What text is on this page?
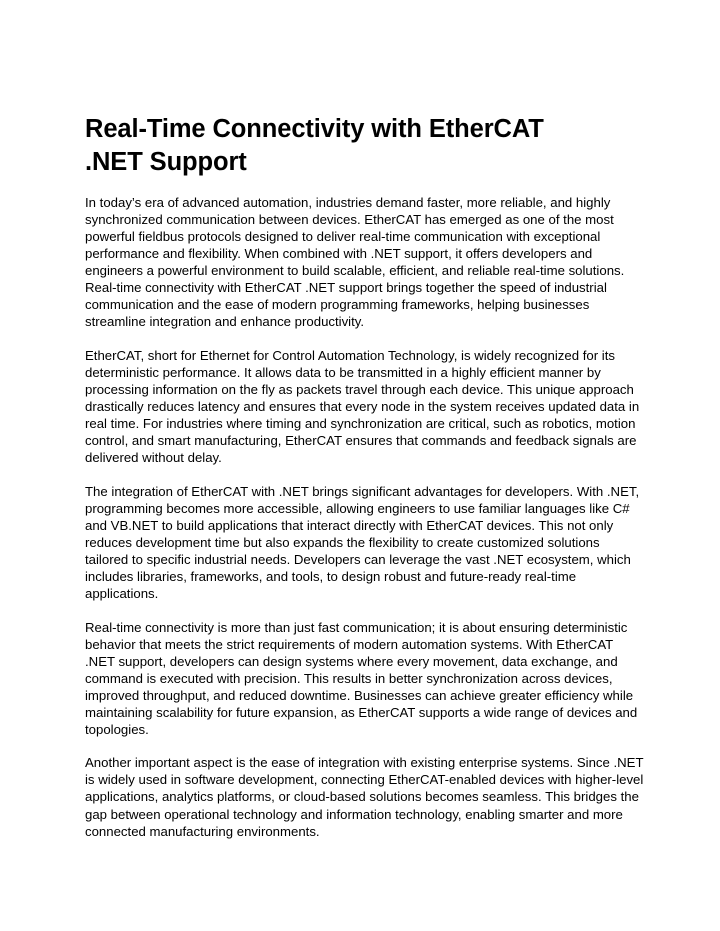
Real-Time Connectivity with EtherCAT
.NET Support

In today’s era of advanced automation, industries demand faster, more reliable, and highly
synchronized communication between devices. EtherCAT has emerged as one of the most
powerful fieldbus protocols designed to deliver real-time communication with exceptional
performance and flexibility. When combined with .NET support, it offers developers and
engineers a powerful environment to build scalable, efficient, and reliable real-time solutions.
Real-time connectivity with EtherCAT .NET support brings together the speed of industrial
communication and the ease of modern programming frameworks, helping businesses
streamline integration and enhance productivity.

EtherCAT, short for Ethernet for Control Automation Technology, is widely recognized for its
deterministic performance. It allows data to be transmitted in a highly efficient manner by
processing information on the fly as packets travel through each device. This unique approach
drastically reduces latency and ensures that every node in the system receives updated data in
real time. For industries where timing and synchronization are critical, such as robotics, motion
control, and smart manufacturing, EtherCAT ensures that commands and feedback signals are
delivered without delay.

The integration of EtherCAT with .NET brings significant advantages for developers. With .NET,
programming becomes more accessible, allowing engineers to use familiar languages like C#
and VB.NET to build applications that interact directly with EtherCAT devices. This not only
reduces development time but also expands the flexibility to create customized solutions
tailored to specific industrial needs. Developers can leverage the vast .NET ecosystem, which
includes libraries, frameworks, and tools, to design robust and future-ready real-time
applications.

Real-time connectivity is more than just fast communication; it is about ensuring deterministic
behavior that meets the strict requirements of modern automation systems. With EtherCAT
.NET support, developers can design systems where every movement, data exchange, and
command is executed with precision. This results in better synchronization across devices,
improved throughput, and reduced downtime. Businesses can achieve greater efficiency while
maintaining scalability for future expansion, as EtherCAT supports a wide range of devices and
topologies.

Another important aspect is the ease of integration with existing enterprise systems. Since .NET
is widely used in software development, connecting EtherCAT-enabled devices with higher-level
applications, analytics platforms, or cloud-based solutions becomes seamless. This bridges the
gap between operational technology and information technology, enabling smarter and more
connected manufacturing environments.
